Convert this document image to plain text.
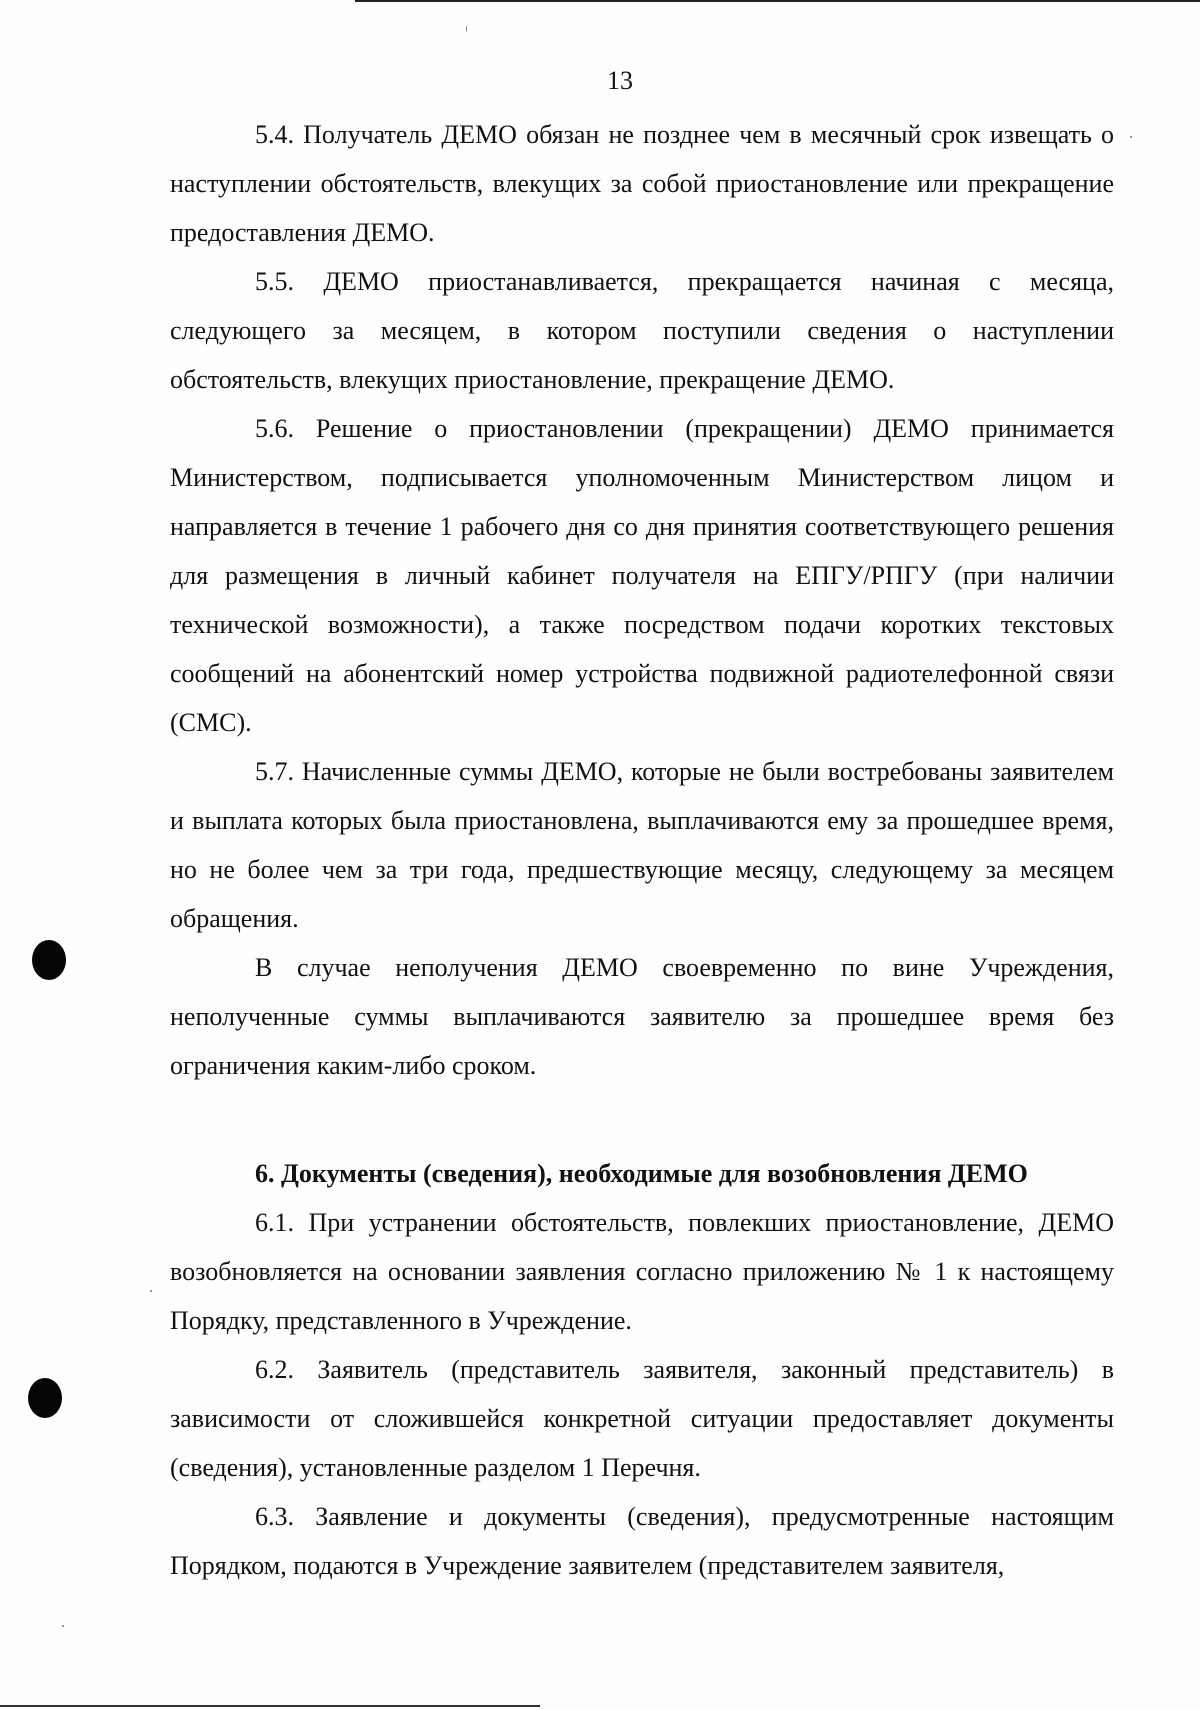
13

5.4. Получатель ДЕМО обязан не позднее чем в месячный срок извещать о наступлении обстоятельств, влекущих за собой приостановление или прекращение предоставления ДЕМО.

5.5. ДЕМО приостанавливается, прекращается начиная с месяца, следующего за месяцем, в котором поступили сведения о наступлении обстоятельств, влекущих приостановление, прекращение ДЕМО.

5.6. Решение о приостановлении (прекращении) ДЕМО принимается Министерством, подписывается уполномоченным Министерством лицом и направляется в течение 1 рабочего дня со дня принятия соответствующего решения для размещения в личный кабинет получателя на ЕПГУ/РПГУ (при наличии технической возможности), а также посредством подачи коротких текстовых сообщений на абонентский номер устройства подвижной радиотелефонной связи (СМС).

5.7. Начисленные суммы ДЕМО, которые не были востребованы заявителем и выплата которых была приостановлена, выплачиваются ему за прошедшее время, но не более чем за три года, предшествующие месяцу, следующему за месяцем обращения.

В случае неполучения ДЕМО своевременно по вине Учреждения, неполученные суммы выплачиваются заявителю за прошедшее время без ограничения каким-либо сроком.

6. Документы (сведения), необходимые для возобновления ДЕМО

6.1. При устранении обстоятельств, повлекших приостановление, ДЕМО возобновляется на основании заявления согласно приложению № 1 к настоящему Порядку, представленного в Учреждение.

6.2. Заявитель (представитель заявителя, законный представитель) в зависимости от сложившейся конкретной ситуации предоставляет документы (сведения), установленные разделом 1 Перечня.

6.3. Заявление и документы (сведения), предусмотренные настоящим Порядком, подаются в Учреждение заявителем (представителем заявителя,
